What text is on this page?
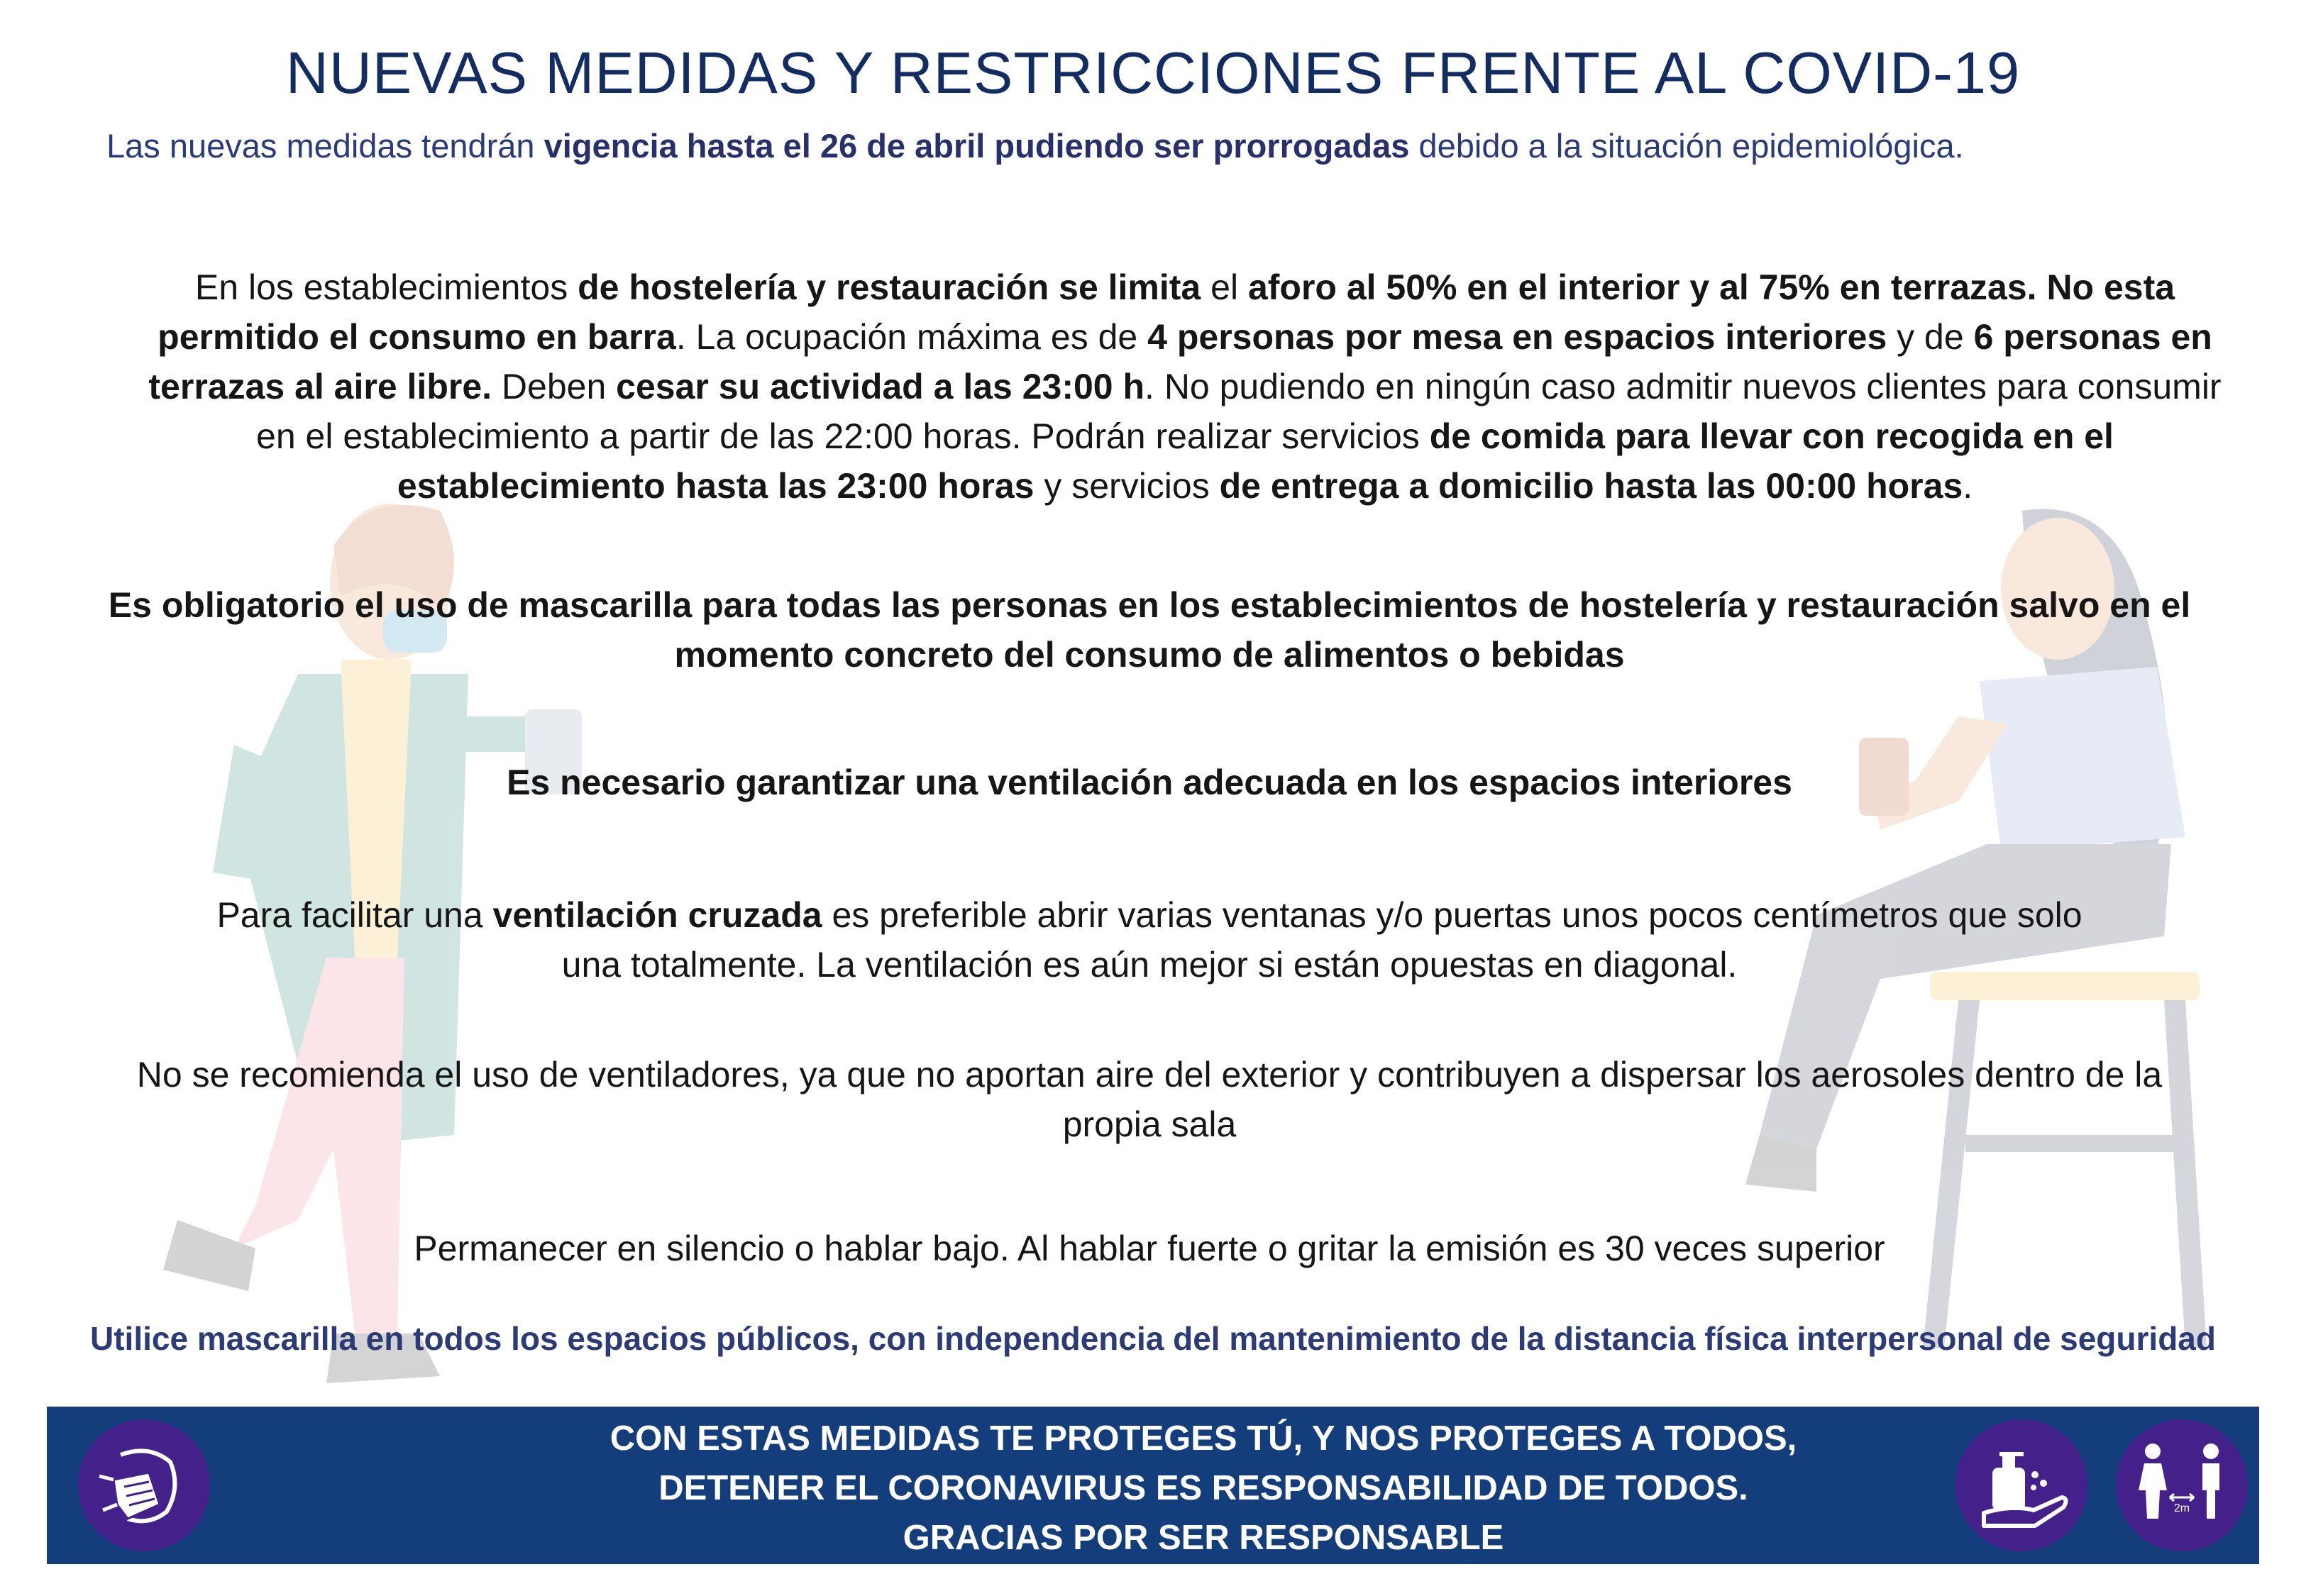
NUEVAS MEDIDAS Y RESTRICCIONES FRENTE AL COVID-19
Las nuevas medidas tendrán vigencia hasta el 26 de abril pudiendo ser prorrogadas debido a la situación epidemiológica.
En los establecimientos de hostelería y restauración se limita el aforo al 50% en el interior y al 75% en terrazas. No esta permitido el consumo en barra. La ocupación máxima es de 4 personas por mesa en espacios interiores y de 6 personas en terrazas al aire libre. Deben cesar su actividad a las 23:00 h. No pudiendo en ningún caso admitir nuevos clientes para consumir en el establecimiento a partir de las 22:00 horas. Podrán realizar servicios de comida para llevar con recogida en el establecimiento hasta las 23:00 horas y servicios de entrega a domicilio hasta las 00:00 horas.
Es obligatorio el uso de mascarilla para todas las personas en los establecimientos de hostelería y restauración salvo en el momento concreto del consumo de alimentos o bebidas
Es necesario garantizar una ventilación adecuada en los espacios interiores
Para facilitar una ventilación cruzada es preferible abrir varias ventanas y/o puertas unos pocos centímetros que solo una totalmente. La ventilación es aún mejor si están opuestas en diagonal.
No se recomienda el uso de ventiladores, ya que no aportan aire del exterior y contribuyen a dispersar los aerosoles dentro de la propia sala
Permanecer en silencio o hablar bajo. Al hablar fuerte o gritar la emisión es 30 veces superior
Utilice mascarilla en todos los espacios públicos, con independencia del mantenimiento de la distancia física interpersonal de seguridad
CON ESTAS MEDIDAS TE PROTEGES TÚ, Y NOS PROTEGES A TODOS,
DETENER EL CORONAVIRUS ES RESPONSABILIDAD DE TODOS.
GRACIAS POR SER RESPONSABLE
2m
